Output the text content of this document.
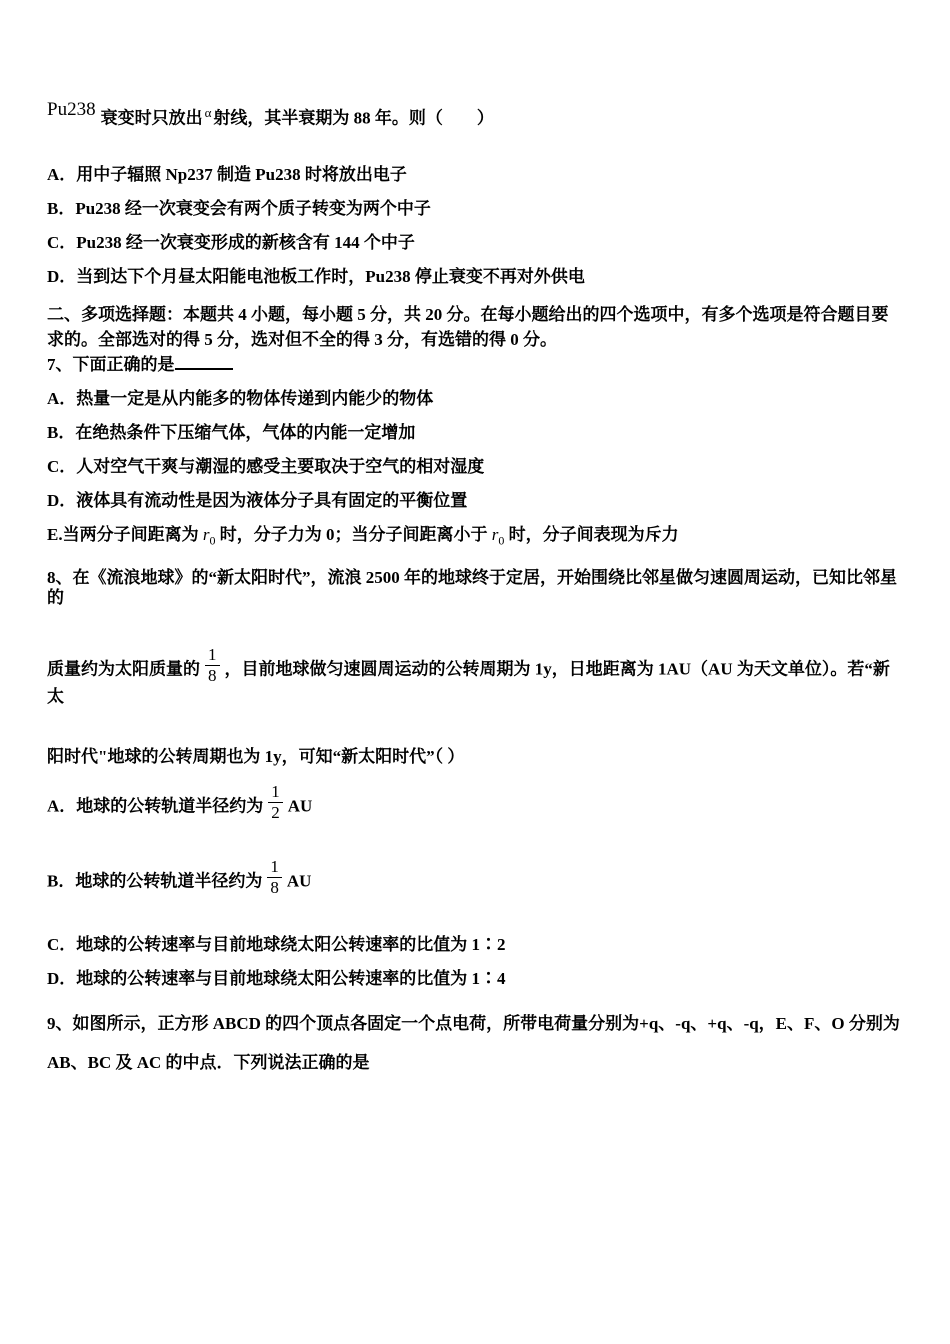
Pu238 衰变时只放出 $^\alpha$ 射线，其半衰期为 88 年。则（　　）
A．用中子辐照 Np237 制造 Pu238 时将放出电子
B．Pu238 经一次衰变会有两个质子转变为两个中子
C．Pu238 经一次衰变形成的新核含有 144 个中子
D．当到达下个月昼太阳能电池板工作时，Pu238 停止衰变不再对外供电
二、多项选择题：本题共 4 小题，每小题 5 分，共 20 分。在每小题给出的四个选项中，有多个选项是符合题目要求的。全部选对的得 5 分，选对但不全的得 3 分，有选错的得 0 分。
7、下面正确的是
A．热量一定是从内能多的物体传递到内能少的物体
B．在绝热条件下压缩气体，气体的内能一定增加
C．人对空气干爽与潮湿的感受主要取决于空气的相对湿度
D．液体具有流动性是因为液体分子具有固定的平衡位置
E.当两分子间距离为 $r_0$ 时，分子力为 0；当分子间距离小于 $r_0$ 时，分子间表现为斥力
8、在《流浪地球》的“新太阳时代”，流浪 2500 年的地球终于定居，开始围绕比邻星做匀速圆周运动，已知比邻星的
质量约为太阳质量的 $\frac{1}{8}$ ，目前地球做匀速圆周运动的公转周期为 1y，日地距离为 1AU（AU 为天文单位）。若“新太
阳时代"地球的公转周期也为 1y，可知“新太阳时代”（ ）
A．地球的公转轨道半径约为 $\frac{1}{2}$ AU
B．地球的公转轨道半径约为 $\frac{1}{8}$ AU
C．地球的公转速率与目前地球绕太阳公转速率的比值为 1∶2
D．地球的公转速率与目前地球绕太阳公转速率的比值为 1∶4
9、如图所示，正方形 ABCD 的四个顶点各固定一个点电荷，所带电荷量分别为+q、-q、+q、-q，E、F、O 分别为 AB、BC 及 AC 的中点．下列说法正确的是
